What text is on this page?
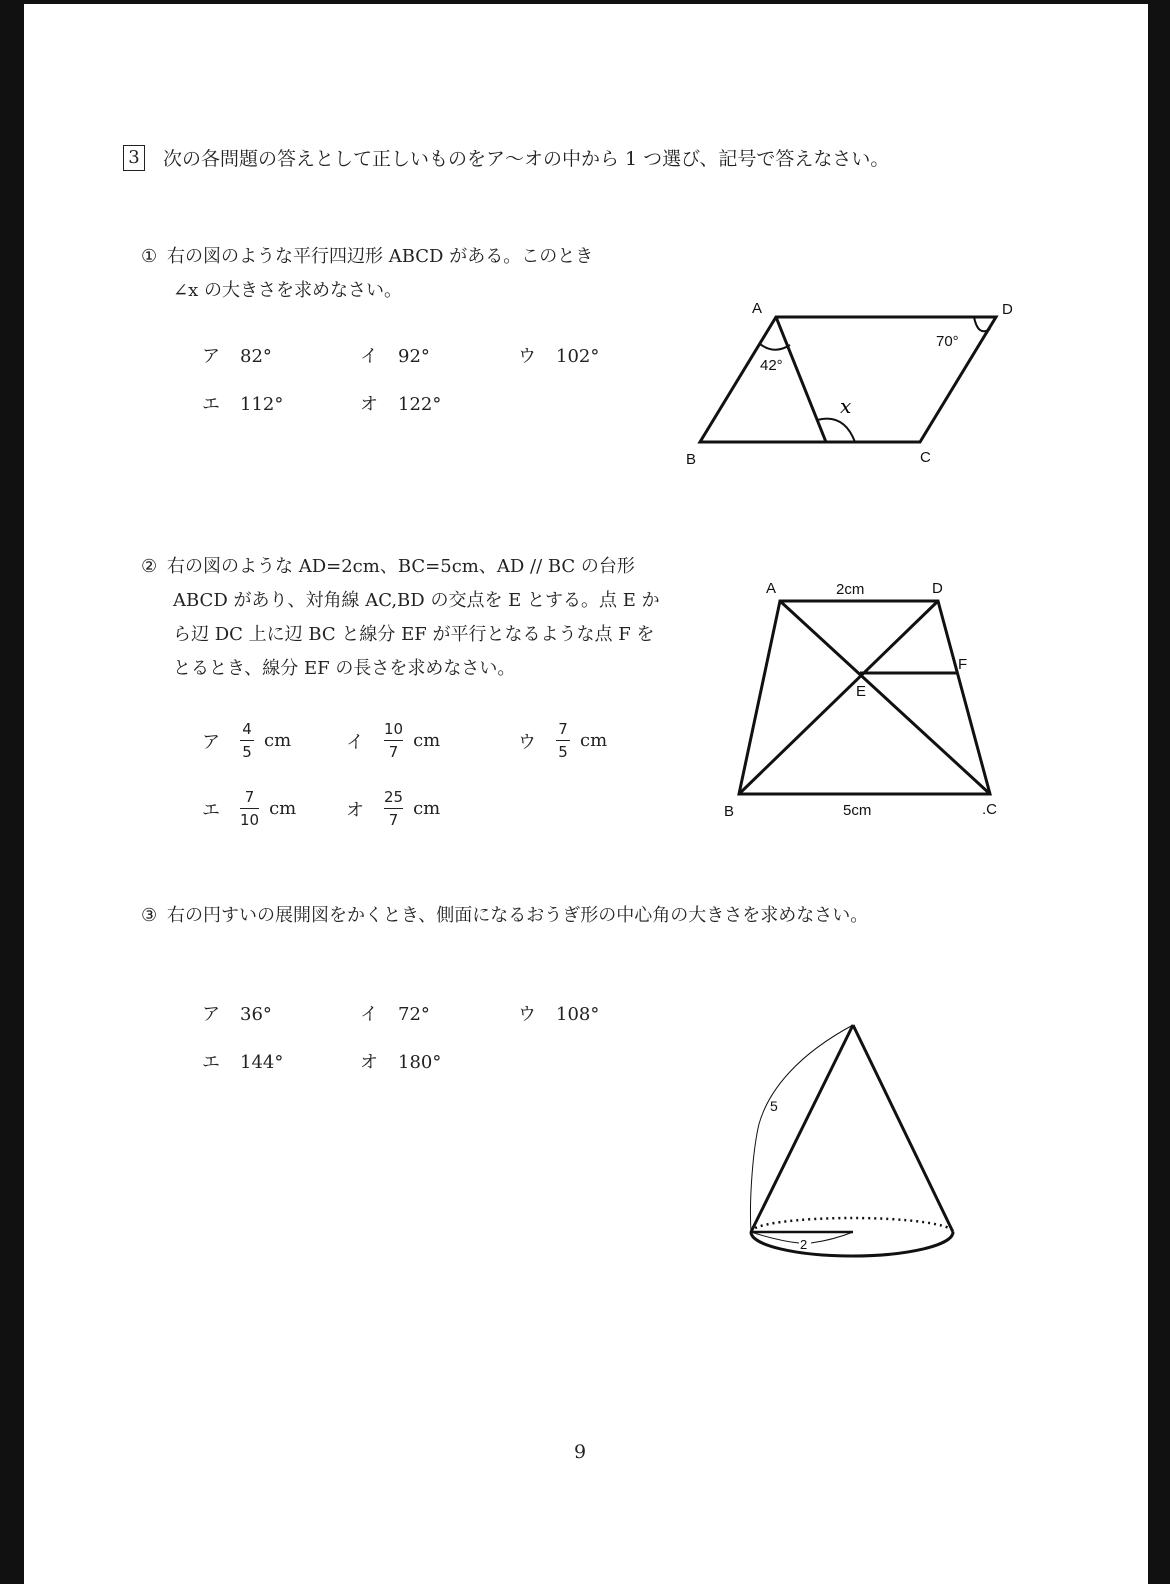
3 次の各問題の答えとして正しいものをア～オの中から 1 つ選び、記号で答えなさい。
① 右の図のような平行四辺形 ABCD がある。このとき
∠x の大きさを求めなさい。
ア 82°	イ 92°	ウ 102°
エ 112°	オ 122°
A	D
B	C
42°
70°
x
② 右の図のような AD=2cm、BC=5cm、AD // BC の台形
ABCD があり、対角線 AC,BD の交点を E とする。点 E か
ら辺 DC 上に辺 BC と線分 EF が平行となるような点 F を
とるとき、線分 EF の長さを求めなさい。
ア	$\frac{4}{5}$ cm	イ	$\frac{10}{7}$ cm	ウ	$\frac{7}{5}$ cm
エ	$\frac{7}{10}$ cm	オ	$\frac{25}{7}$ cm
A	D
2cm
E
F
B	.C
5cm
③ 右の円すいの展開図をかくとき、側面になるおうぎ形の中心角の大きさを求めなさい。
ア 36°	イ 72°	ウ 108°
エ 144°	オ 180°
5
2
9
